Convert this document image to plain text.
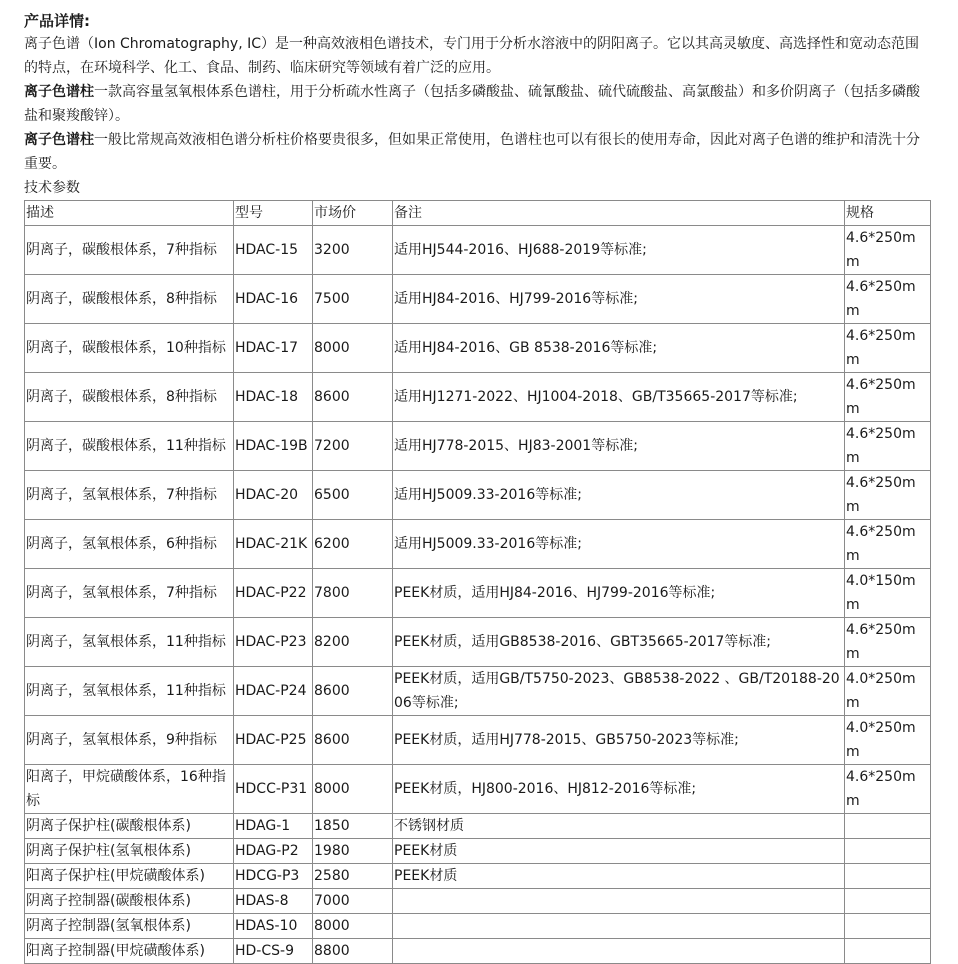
产品详情:

离子色谱（Ion Chromatography, IC）是一种高效液相色谱技术，专门用于分析水溶液中的阴阳离子。它以其高灵敏度、高选择性和宽动态范围的特点，在环境科学、化工、食品、制药、临床研究等领域有着广泛的应用。

离子色谱柱一款高容量氢氧根体系色谱柱，用于分析疏水性离子（包括多磷酸盐、硫氰酸盐、硫代硫酸盐、高氯酸盐）和多价阴离子（包括多磷酸盐和聚羧酸锌）。

离子色谱柱一般比常规高效液相色谱分析柱价格要贵很多，但如果正常使用，色谱柱也可以有很长的使用寿命，因此对离子色谱的维护和清洗十分重要。

技术参数

描述	型号	市场价	备注	规格
阴离子，碳酸根体系，7种指标	HDAC-15	3200	适用HJ544-2016、HJ688-2019等标准;	4.6*250mm
阴离子，碳酸根体系，8种指标	HDAC-16	7500	适用HJ84-2016、HJ799-2016等标准;	4.6*250mm
阴离子，碳酸根体系，10种指标	HDAC-17	8000	适用HJ84-2016、GB 8538-2016等标准;	4.6*250mm
阴离子，碳酸根体系，8种指标	HDAC-18	8600	适用HJ1271-2022、HJ1004-2018、GB/T35665-2017等标准;	4.6*250mm
阴离子，碳酸根体系，11种指标	HDAC-19B	7200	适用HJ778-2015、HJ83-2001等标准;	4.6*250mm
阴离子，氢氧根体系，7种指标	HDAC-20	6500	适用HJ5009.33-2016等标准;	4.6*250mm
阴离子，氢氧根体系，6种指标	HDAC-21K	6200	适用HJ5009.33-2016等标准;	4.6*250mm
阴离子，氢氧根体系，7种指标	HDAC-P22	7800	PEEK材质，适用HJ84-2016、HJ799-2016等标准;	4.0*150mm
阴离子，氢氧根体系，11种指标	HDAC-P23	8200	PEEK材质，适用GB8538-2016、GBT35665-2017等标准;	4.6*250mm
阴离子，氢氧根体系，11种指标	HDAC-P24	8600	PEEK材质，适用GB/T5750-2023、GB8538-2022 、GB/T20188-2006等标准;	4.0*250mm
阴离子，氢氧根体系，9种指标	HDAC-P25	8600	PEEK材质，适用HJ778-2015、GB5750-2023等标准;	4.0*250mm
阳离子，甲烷磺酸体系，16种指标	HDCC-P31	8000	PEEK材质，HJ800-2016、HJ812-2016等标准;	4.6*250mm
阴离子保护柱(碳酸根体系)	HDAG-1	1850	不锈钢材质	
阴离子保护柱(氢氧根体系)	HDAG-P2	1980	PEEK材质	
阳离子保护柱(甲烷磺酸体系)	HDCG-P3	2580	PEEK材质	
阴离子控制器(碳酸根体系)	HDAS-8	7000		
阴离子控制器(氢氧根体系)	HDAS-10	8000		
阳离子控制器(甲烷磺酸体系)	HD-CS-9	8800		
